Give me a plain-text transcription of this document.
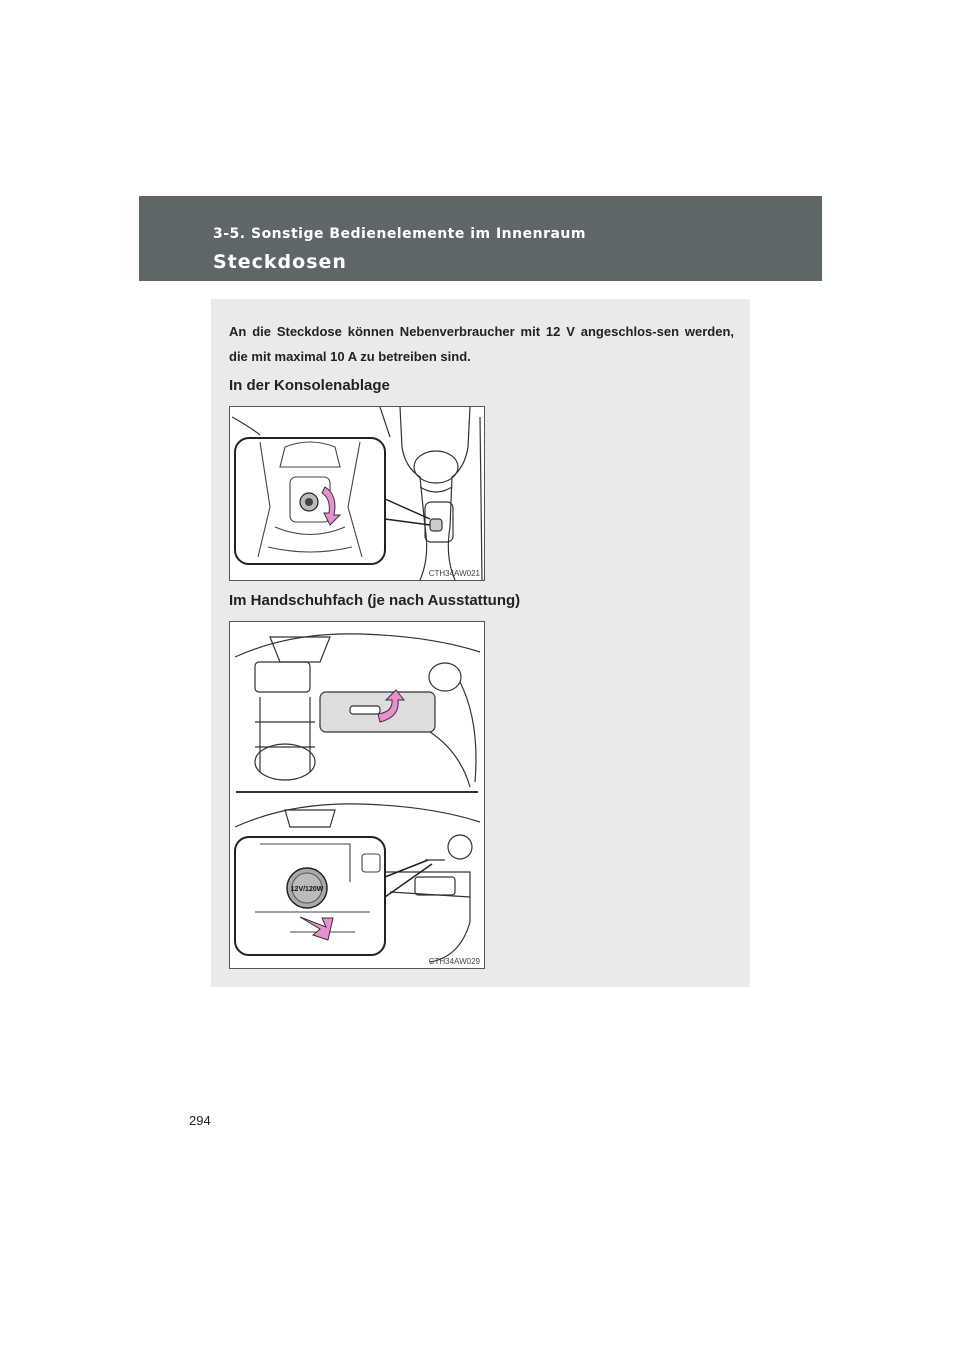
3-5. Sonstige Bedienelemente im Innenraum

Steckdosen

An die Steckdose können Nebenverbraucher mit 12 V angeschlos-sen werden, die mit maximal 10 A zu betreiben sind.

In der Konsolenablage
CTH34AW021
Im Handschuhfach (je nach Ausstattung)
12V/120W
CTH34AW029
294
